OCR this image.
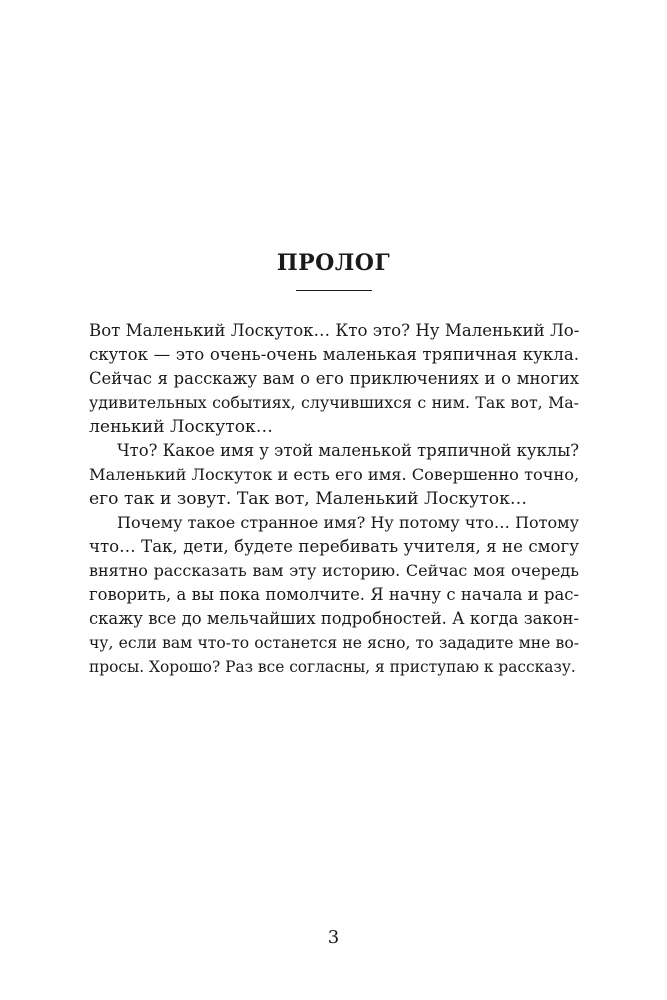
ПРОЛОГ
Вот Маленький Лоскуток… Кто это? Ну Маленький Ло-
скуток — это очень-очень маленькая тряпичная кукла.
Сейчас я расскажу вам о его приключениях и о многих
удивительных событиях, случившихся с ним. Так вот, Ма-
ленький Лоскуток…
Что? Какое имя у этой маленькой тряпичной куклы?
Маленький Лоскуток и есть его имя. Совершенно точно,
его так и зовут. Так вот, Маленький Лоскуток…
Почему такое странное имя? Ну потому что… Потому
что… Так, дети, будете перебивать учителя, я не смогу
внятно рассказать вам эту историю. Сейчас моя очередь
говорить, а вы пока помолчите. Я начну с начала и рас-
скажу все до мельчайших подробностей. А когда закон-
чу, если вам что-то останется не ясно, то зададите мне во-
просы. Хорошо? Раз все согласны, я приступаю к рассказу.
3
